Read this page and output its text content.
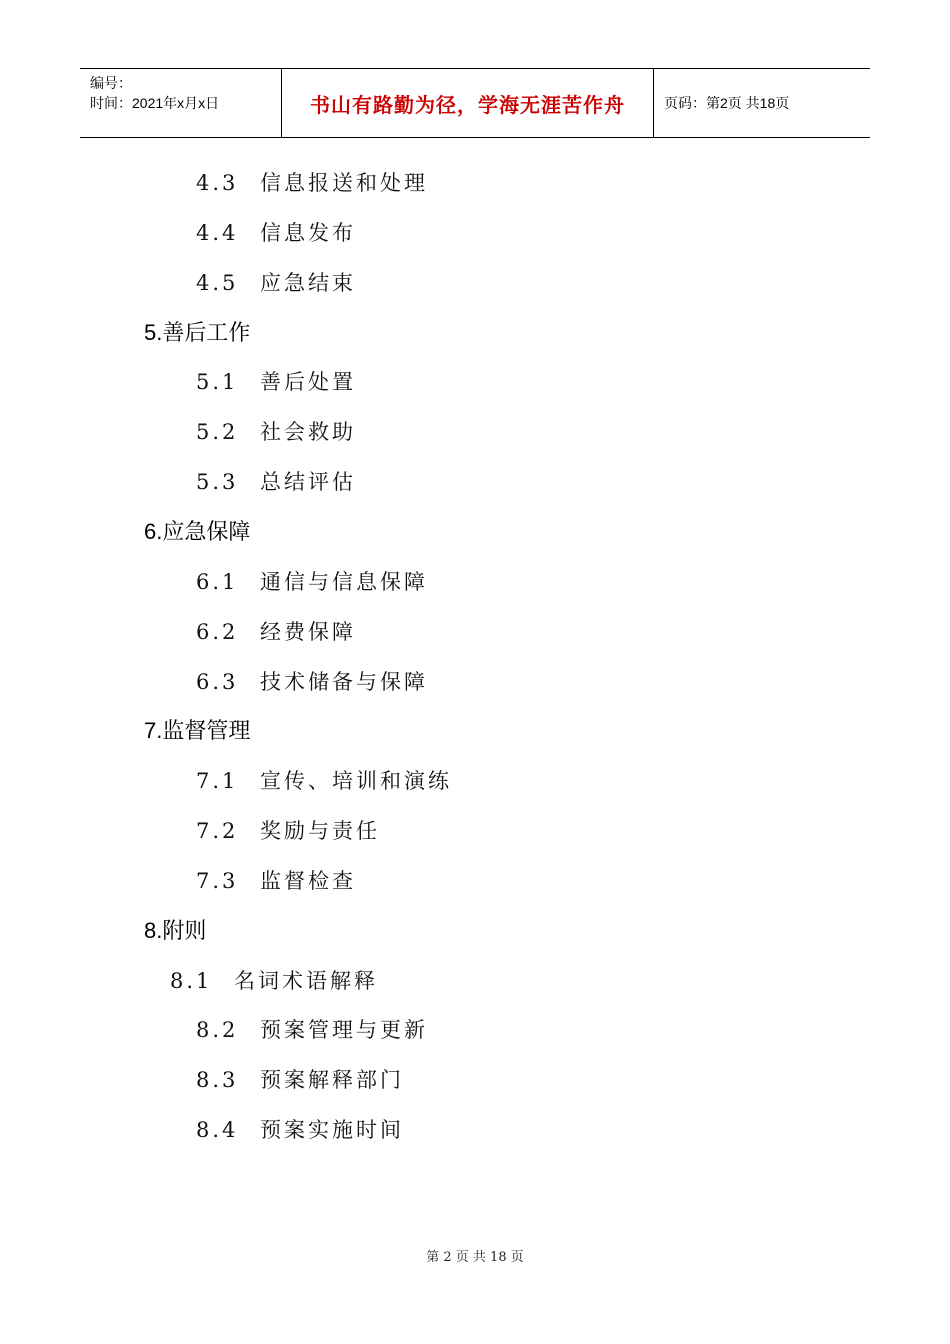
编号：
时间：2021年x月x日	书山有路勤为径，学海无涯苦作舟	页码：第2页 共18页
4.3 信息报送和处理
4.4 信息发布
4.5 应急结束
5.善后工作
5.1 善后处置
5.2 社会救助
5.3 总结评估
6.应急保障
6.1 通信与信息保障
6.2 经费保障
6.3 技术储备与保障
7.监督管理
7.1 宣传、培训和演练
7.2 奖励与责任
7.3 监督检查
8.附则
8.1 名词术语解释
8.2 预案管理与更新
8.3 预案解释部门
8.4 预案实施时间
第 2 页 共 18 页
